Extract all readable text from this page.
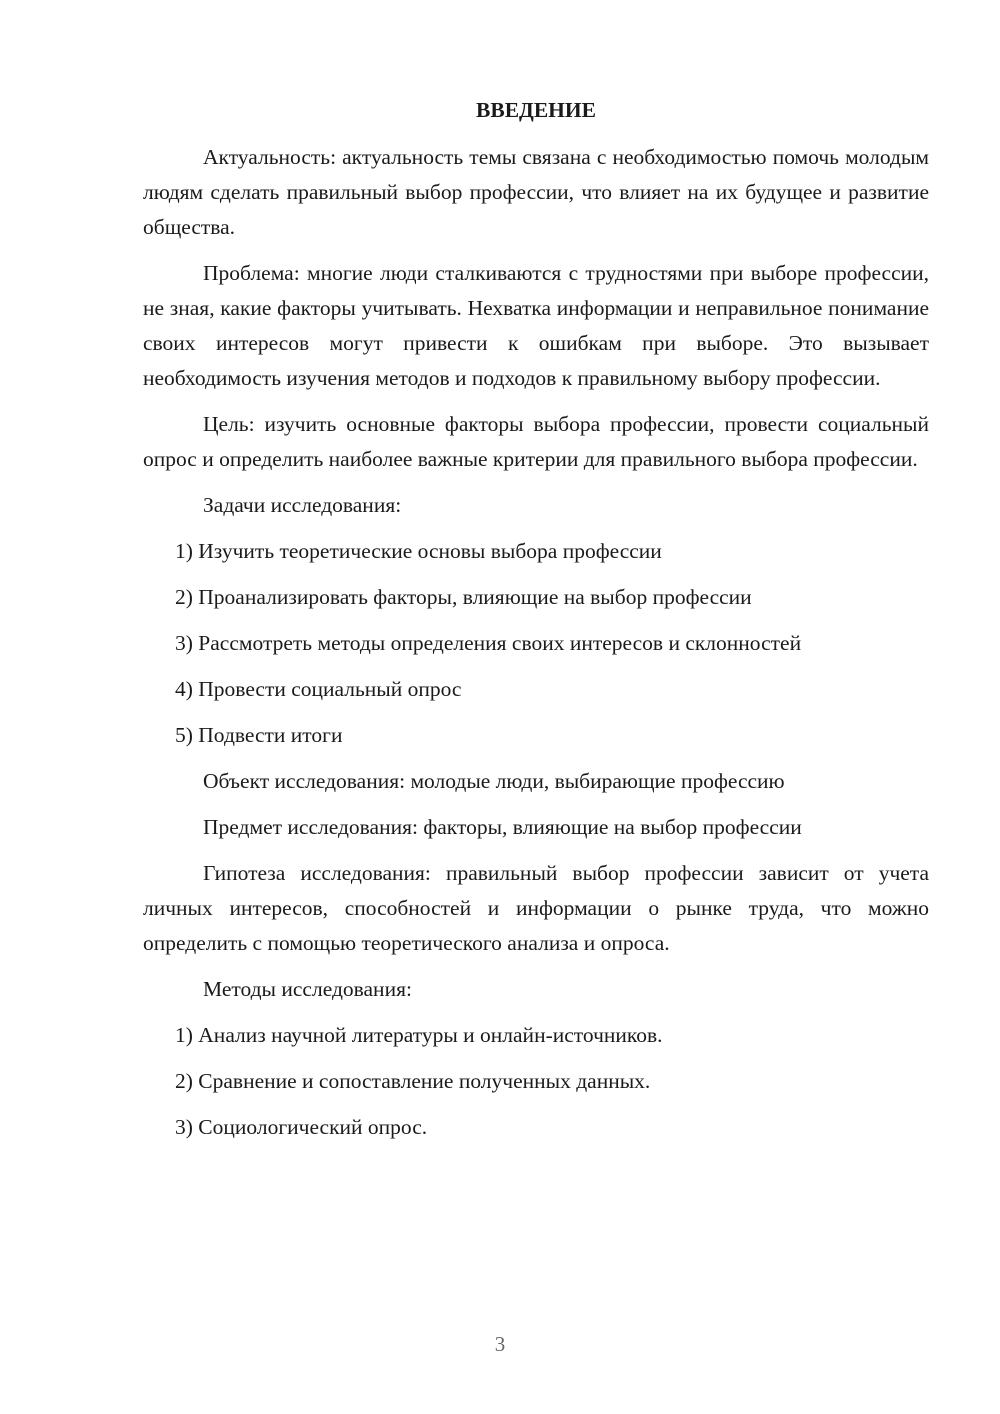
ВВЕДЕНИЕ

Актуальность: актуальность темы связана с необходимостью помочь молодым людям сделать правильный выбор профессии, что влияет на их будущее и развитие общества.

Проблема: многие люди сталкиваются с трудностями при выборе профессии, не зная, какие факторы учитывать. Нехватка информации и неправильное понимание своих интересов могут привести к ошибкам при выборе. Это вызывает необходимость изучения методов и подходов к правильному выбору профессии.

Цель: изучить основные факторы выбора профессии, провести социальный опрос и определить наиболее важные критерии для правильного выбора профессии.

Задачи исследования:

1) Изучить теоретические основы выбора профессии

2) Проанализировать факторы, влияющие на выбор профессии

3) Рассмотреть методы определения своих интересов и склонностей

4) Провести социальный опрос

5) Подвести итоги

Объект исследования: молодые люди, выбирающие профессию

Предмет исследования: факторы, влияющие на выбор профессии

Гипотеза исследования: правильный выбор профессии зависит от учета личных интересов, способностей и информации о рынке труда, что можно определить с помощью теоретического анализа и опроса.

Методы исследования:

1) Анализ научной литературы и онлайн-источников.

2) Сравнение и сопоставление полученных данных.

3) Социологический опрос.

3
